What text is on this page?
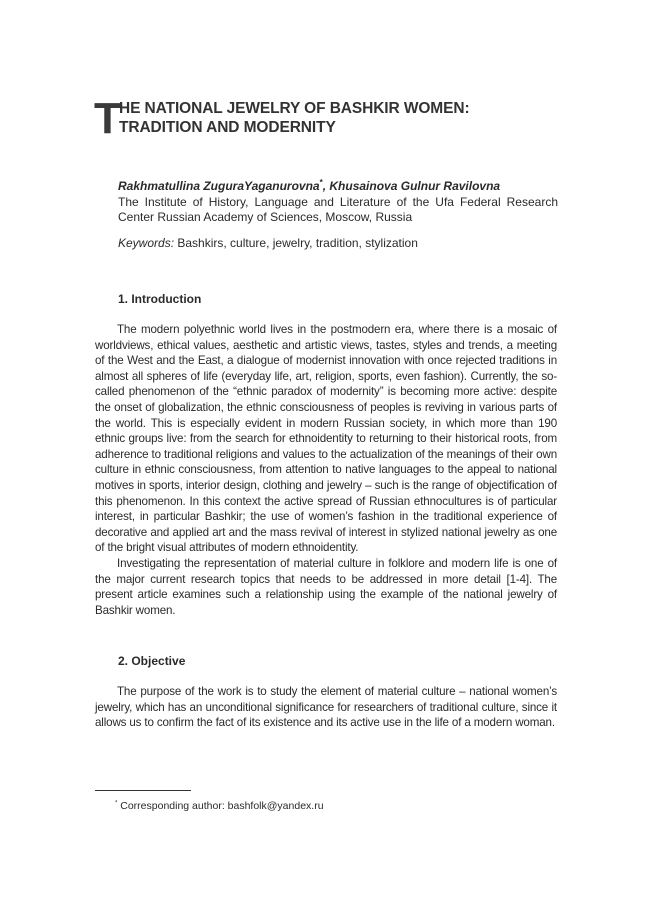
T
HE NATIONAL JEWELRY OF BASHKIR WOMEN:
TRADITION AND MODERNITY
Rakhmatullina ZuguraYaganurovna*, Khusainova Gulnur Ravilovna
The Institute of History, Language and Literature of the Ufa Federal Research Center Russian Academy of Sciences, Moscow, Russia
Keywords: Bashkirs, culture, jewelry, tradition, stylization
1. Introduction

The modern polyethnic world lives in the postmodern era, where there is a mosaic of worldviews, ethical values, aesthetic and artistic views, tastes, styles and trends, a meeting of the West and the East, a dialogue of modernist innovation with once rejected traditions in almost all spheres of life (everyday life, art, religion, sports, even fashion). Currently, the so-called phenomenon of the “ethnic paradox of modernity” is becoming more active: despite the onset of globalization, the ethnic consciousness of peoples is reviving in various parts of the world. This is especially evident in modern Russian society, in which more than 190 ethnic groups live: from the search for ethnoidentity to returning to their historical roots, from adherence to traditional religions and values to the actualization of the meanings of their own culture in ethnic consciousness, from attention to native languages to the appeal to national motives in sports, interior design, clothing and jewelry – such is the range of objectification of this phenomenon. In this context the active spread of Russian ethnocultures is of particular interest, in particular Bashkir; the use of women’s fashion in the traditional experience of decorative and applied art and the mass revival of interest in stylized national jewelry as one of the bright visual attributes of modern ethnoidentity.

Investigating the representation of material culture in folklore and modern life is one of the major current research topics that needs to be addressed in more detail [1-4]. The present article examines such a relationship using the example of the national jewelry of Bashkir women.

2. Objective

The purpose of the work is to study the element of material culture – national women’s jewelry, which has an unconditional significance for researchers of traditional culture, since it allows us to confirm the fact of its existence and its active use in the life of a modern woman.

* Corresponding author: bashfolk@yandex.ru
